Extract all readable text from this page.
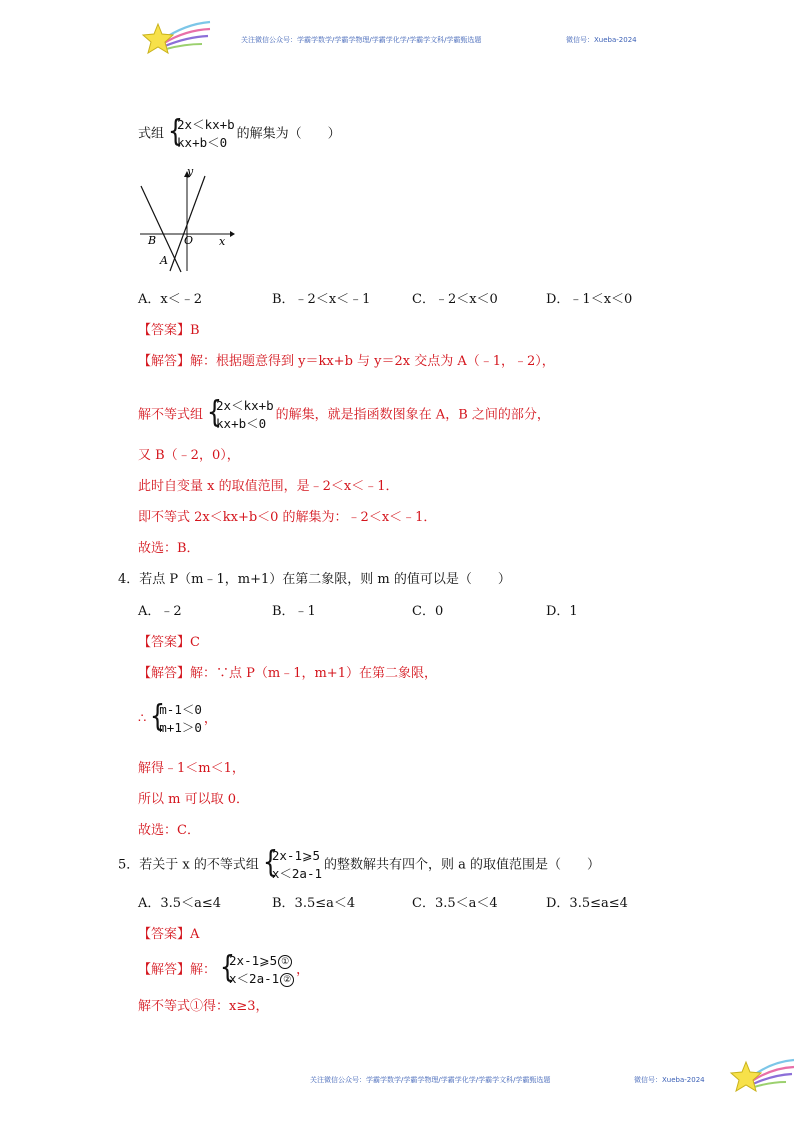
关注微信公众号：学霸学数学/学霸学物理/学霸学化学/学霸学文科/学霸甄选题	微信号：Xueba-2024
式组 {
2x＜kx+b
kx+b＜0
的解集为（　　）
y
x
O
B
A
A．x＜﹣2	B．﹣2＜x＜﹣1	C．﹣2＜x＜0	D．﹣1＜x＜0
【答案】B
【解答】解：根据题意得到 y＝kx+b 与 y＝2x 交点为 A（﹣1，﹣2），
解不等式组 {
2x＜kx+b
kx+b＜0
的解集，就是指函数图象在 A，B 之间的部分，
又 B（﹣2，0），
此时自变量 x 的取值范围，是﹣2＜x＜﹣1．
即不等式 2x＜kx+b＜0 的解集为：﹣2＜x＜﹣1．
故选：B．
4．若点 P（m﹣1，m+1）在第二象限，则 m 的值可以是（　　）
A．﹣2	B．﹣1	C．0	D．1
【答案】C
【解答】解：∵点 P（m﹣1，m+1）在第二象限，
∴ {
m-1＜0
m+1＞0
，
解得﹣1＜m＜1，
所以 m 可以取 0．
故选：C．
5．若关于 x 的不等式组 {
2x-1⩾5
x＜2a-1
的整数解共有四个，则 a 的取值范围是（　　）
A．3.5＜a≤4	B．3.5≤a＜4	C．3.5＜a＜4	D．3.5≤a≤4
【答案】A
【解答】解： {
2x-1⩾5 ①
x＜2a-1 ②
，
解不等式①得：x≥3，
关注微信公众号：学霸学数学/学霸学物理/学霸学化学/学霸学文科/学霸甄选题	微信号：Xueba-2024
